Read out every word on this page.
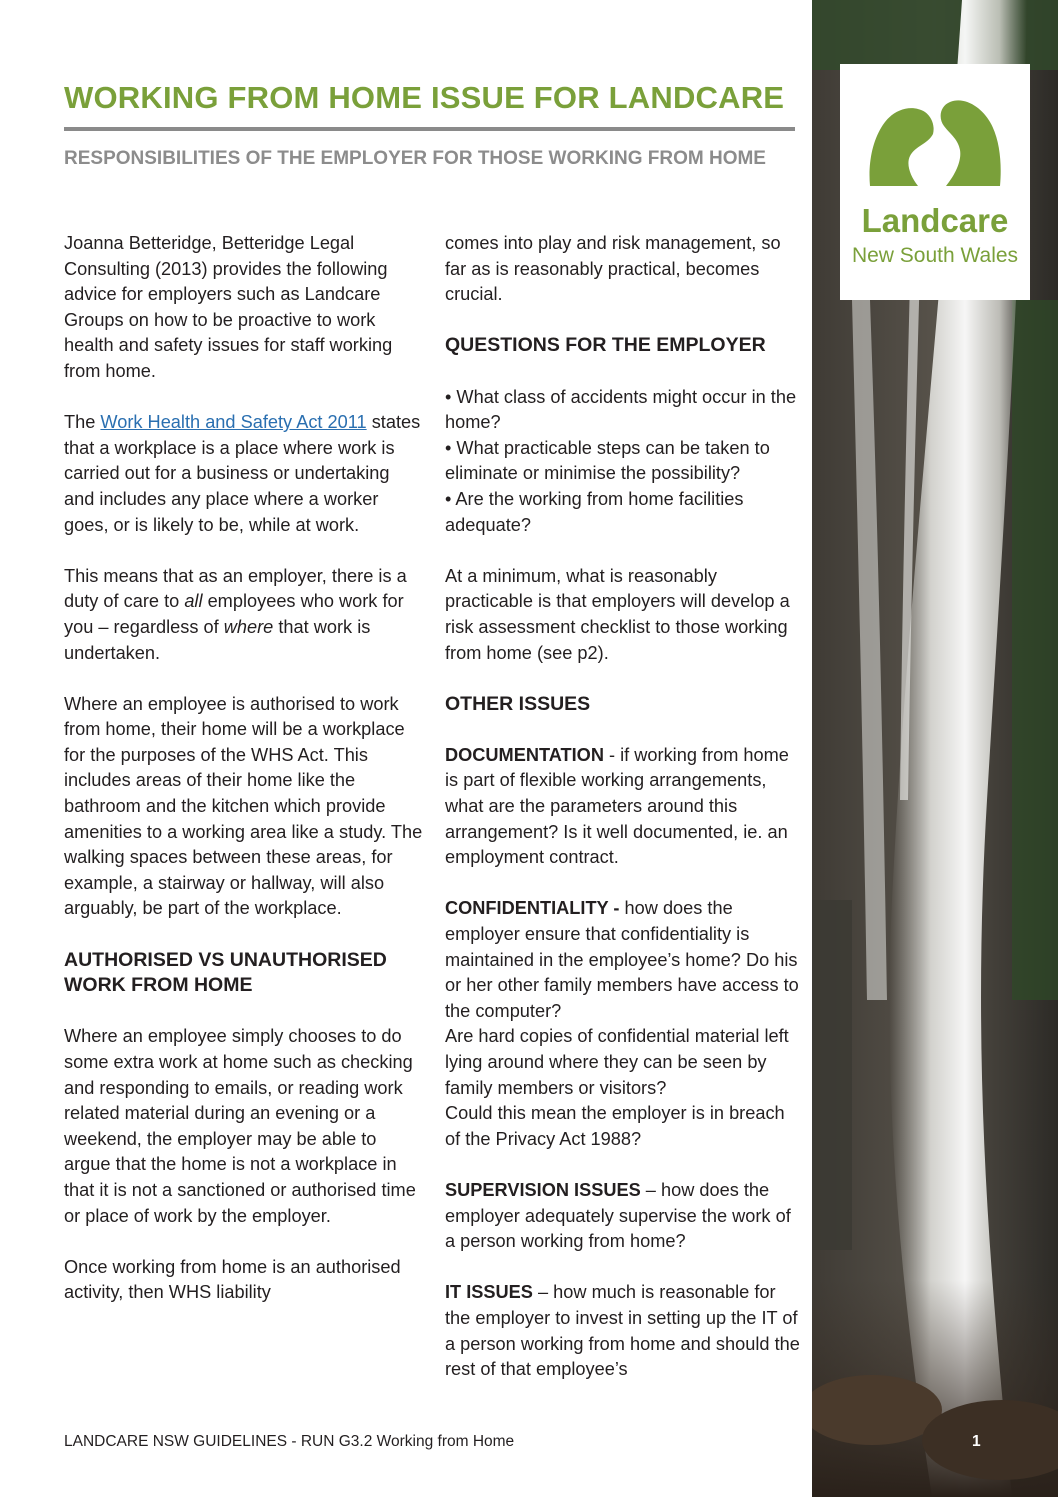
WORKING FROM HOME ISSUE FOR LANDCARE
RESPONSIBILITIES OF THE EMPLOYER FOR THOSE WORKING FROM HOME

Joanna Betteridge, Betteridge Legal Consulting (2013) provides the following advice for employers such as Landcare Groups on how to be proactive to work health and safety issues for staff working from home.

The Work Health and Safety Act 2011 states that a workplace is a place where work is carried out for a business or undertaking and includes any place where a worker goes, or is likely to be, while at work.

This means that as an employer, there is a duty of care to all employees who work for you – regardless of where that work is undertaken.

Where an employee is authorised to work from home, their home will be a workplace for the purposes of the WHS Act. This includes areas of their home like the bathroom and the kitchen which provide amenities to a working area like a study. The walking spaces between these areas, for example, a stairway or hallway, will also arguably, be part of the workplace.

AUTHORISED VS UNAUTHORISED WORK FROM HOME

Where an employee simply chooses to do some extra work at home such as checking and responding to emails, or reading work related material during an evening or a weekend, the employer may be able to argue that the home is not a workplace in that it is not a sanctioned or authorised time or place of work by the employer.

Once working from home is an authorised activity, then WHS liability

comes into play and risk management, so far as is reasonably practical, becomes crucial.

QUESTIONS FOR THE EMPLOYER

• What class of accidents might occur in the home?
• What practicable steps can be taken to eliminate or minimise the possibility?
• Are the working from home facilities adequate?

At a minimum, what is reasonably practicable is that employers will develop a risk assessment checklist to those working from home (see p2).

OTHER ISSUES

DOCUMENTATION - if working from home is part of flexible working arrangements, what are the parameters around this arrangement? Is it well documented, ie. an employment contract.

CONFIDENTIALITY - how does the employer ensure that confidentiality is maintained in the employee’s home? Do his or her other family members have access to the computer?
Are hard copies of confidential material left lying around where they can be seen by family members or visitors?
Could this mean the employer is in breach of the Privacy Act 1988?

SUPERVISION ISSUES – how does the employer adequately supervise the work of a person working from home?

IT ISSUES – how much is reasonable for the employer to invest in setting up the IT of a person working from home and should the rest of that employee’s

Landcare
New South Wales
LANDCARE NSW GUIDELINES - RUN G3.2 Working from Home	1
